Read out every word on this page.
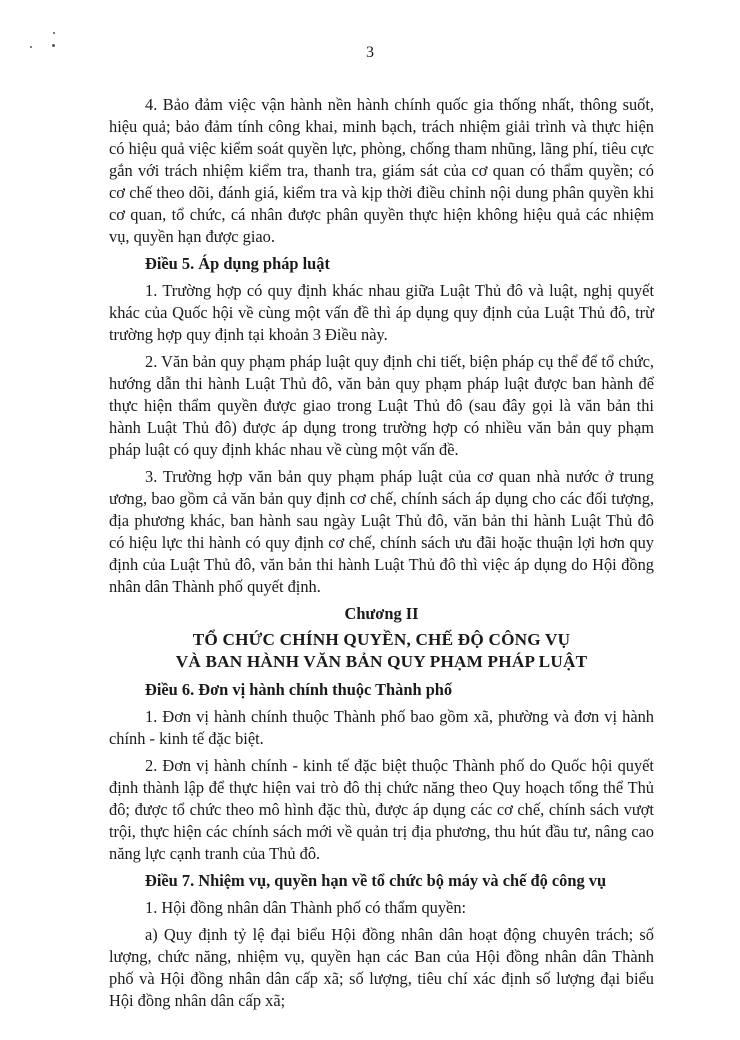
3

4. Bảo đảm việc vận hành nền hành chính quốc gia thống nhất, thông suốt, hiệu quả; bảo đảm tính công khai, minh bạch, trách nhiệm giải trình và thực hiện có hiệu quả việc kiểm soát quyền lực, phòng, chống tham nhũng, lãng phí, tiêu cực gắn với trách nhiệm kiểm tra, thanh tra, giám sát của cơ quan có thẩm quyền; có cơ chế theo dõi, đánh giá, kiểm tra và kịp thời điều chỉnh nội dung phân quyền khi cơ quan, tổ chức, cá nhân được phân quyền thực hiện không hiệu quả các nhiệm vụ, quyền hạn được giao.

Điều 5. Áp dụng pháp luật

1. Trường hợp có quy định khác nhau giữa Luật Thủ đô và luật, nghị quyết khác của Quốc hội về cùng một vấn đề thì áp dụng quy định của Luật Thủ đô, trừ trường hợp quy định tại khoản 3 Điều này.

2. Văn bản quy phạm pháp luật quy định chi tiết, biện pháp cụ thể để tổ chức, hướng dẫn thi hành Luật Thủ đô, văn bản quy phạm pháp luật được ban hành để thực hiện thẩm quyền được giao trong Luật Thủ đô (sau đây gọi là văn bản thi hành Luật Thủ đô) được áp dụng trong trường hợp có nhiều văn bản quy phạm pháp luật có quy định khác nhau về cùng một vấn đề.

3. Trường hợp văn bản quy phạm pháp luật của cơ quan nhà nước ở trung ương, bao gồm cả văn bản quy định cơ chế, chính sách áp dụng cho các đối tượng, địa phương khác, ban hành sau ngày Luật Thủ đô, văn bản thi hành Luật Thủ đô có hiệu lực thi hành có quy định cơ chế, chính sách ưu đãi hoặc thuận lợi hơn quy định của Luật Thủ đô, văn bản thi hành Luật Thủ đô thì việc áp dụng do Hội đồng nhân dân Thành phố quyết định.

Chương II

TỔ CHỨC CHÍNH QUYỀN, CHẾ ĐỘ CÔNG VỤ

VÀ BAN HÀNH VĂN BẢN QUY PHẠM PHÁP LUẬT

Điều 6. Đơn vị hành chính thuộc Thành phố

1. Đơn vị hành chính thuộc Thành phố bao gồm xã, phường và đơn vị hành chính - kinh tế đặc biệt.

2. Đơn vị hành chính - kinh tế đặc biệt thuộc Thành phố do Quốc hội quyết định thành lập để thực hiện vai trò đô thị chức năng theo Quy hoạch tổng thể Thủ đô; được tổ chức theo mô hình đặc thù, được áp dụng các cơ chế, chính sách vượt trội, thực hiện các chính sách mới về quản trị địa phương, thu hút đầu tư, nâng cao năng lực cạnh tranh của Thủ đô.

Điều 7. Nhiệm vụ, quyền hạn về tổ chức bộ máy và chế độ công vụ

1. Hội đồng nhân dân Thành phố có thẩm quyền:

a) Quy định tỷ lệ đại biểu Hội đồng nhân dân hoạt động chuyên trách; số lượng, chức năng, nhiệm vụ, quyền hạn các Ban của Hội đồng nhân dân Thành phố và Hội đồng nhân dân cấp xã; số lượng, tiêu chí xác định số lượng đại biểu Hội đồng nhân dân cấp xã;
